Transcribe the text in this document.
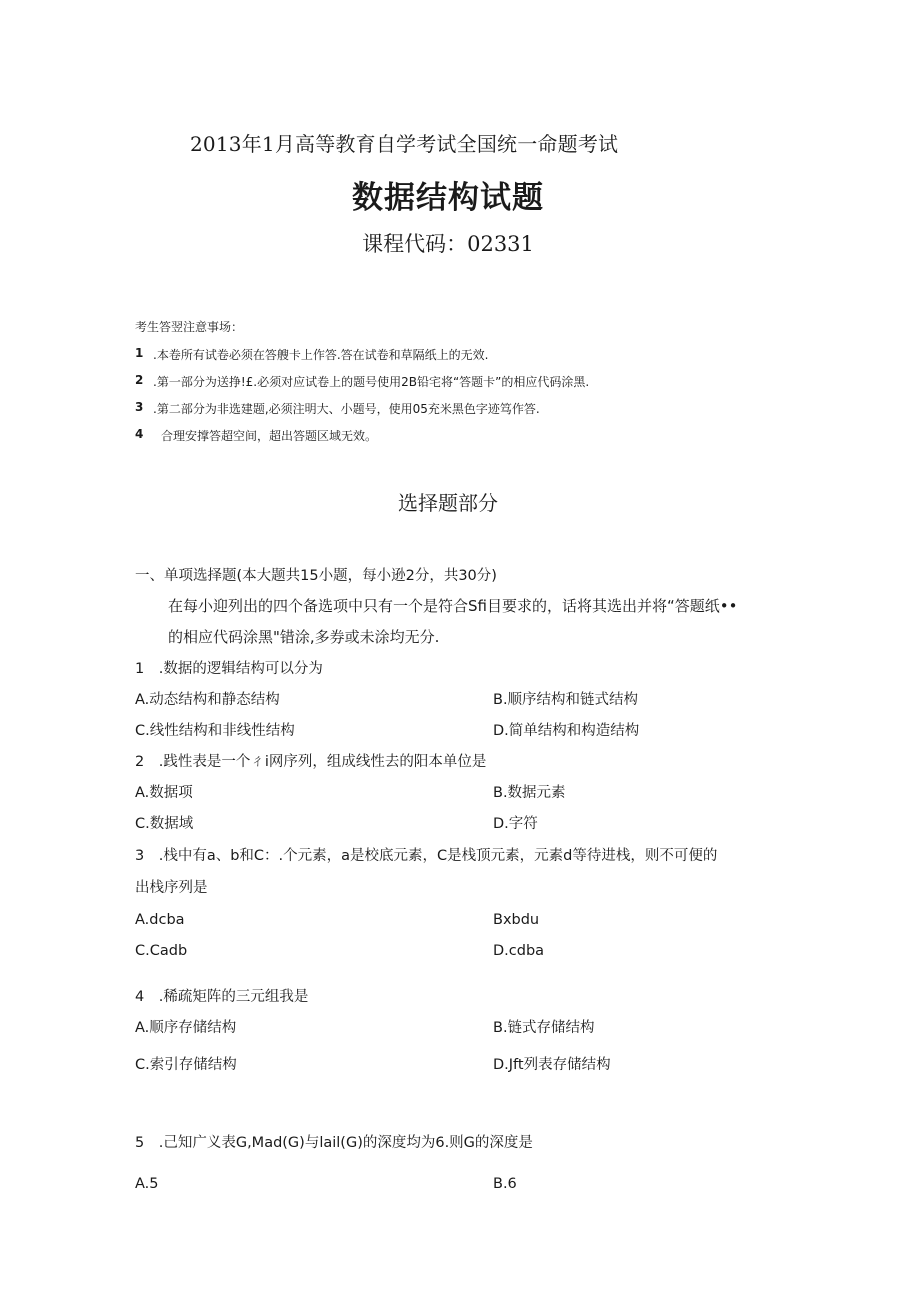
2013年1月高等教育自学考试全国统一命题考试
数据结构试题
课程代码：02331
考生答翌注意事场：
1 .本卷所有试卷必须在答艘卡上作答.答在试卷和草隔纸上的无效.
2 .第一部分为送挣!£.必须对应试卷上的题号使用2B铅宅将“答题卡”的相应代码涂黑.
3 .第二部分为非选建题,必须注明大、小题号，使用05充米黑色字迹笃作答.
4 合理安撑答超空间，超出答题区域无效。
选择题部分
一、单项选择题(本大题共15小题，每小逊2分，共30分)
在每小迎列出的四个备选项中只有一个是符合Sfi目要求的，话将其选出并将“答题纸••
的相应代码涂黑"错涂,多券或未涂均无分.
1　.数据的逻辑结构可以分为
A.动态结构和静态结构	B.顺序结构和链式结构
C.线性结构和非线性结构	D.简单结构和构造结构
2　.践性表是一个ㄔi网序列，组成线性去的阳本单位是
A.数据项	B.数据元素
C.数据域	D.字符
3　.栈中有a、b和C：.个元素，a是校底元素，C是栈顶元素，元素d等待进栈，则不可便的
出栈序列是
A.dcba	Bxbdu
C.Cadb	D.cdba
4　.稀疏矩阵的三元组我是
A.顺序存储结构	B.链式存储结构
C.索引存储结构	D.Jft列表存储结构
5　.己知广义表G,Mad(G)与lail(G)的深度均为6.则G的深度是
A.5	B.6
